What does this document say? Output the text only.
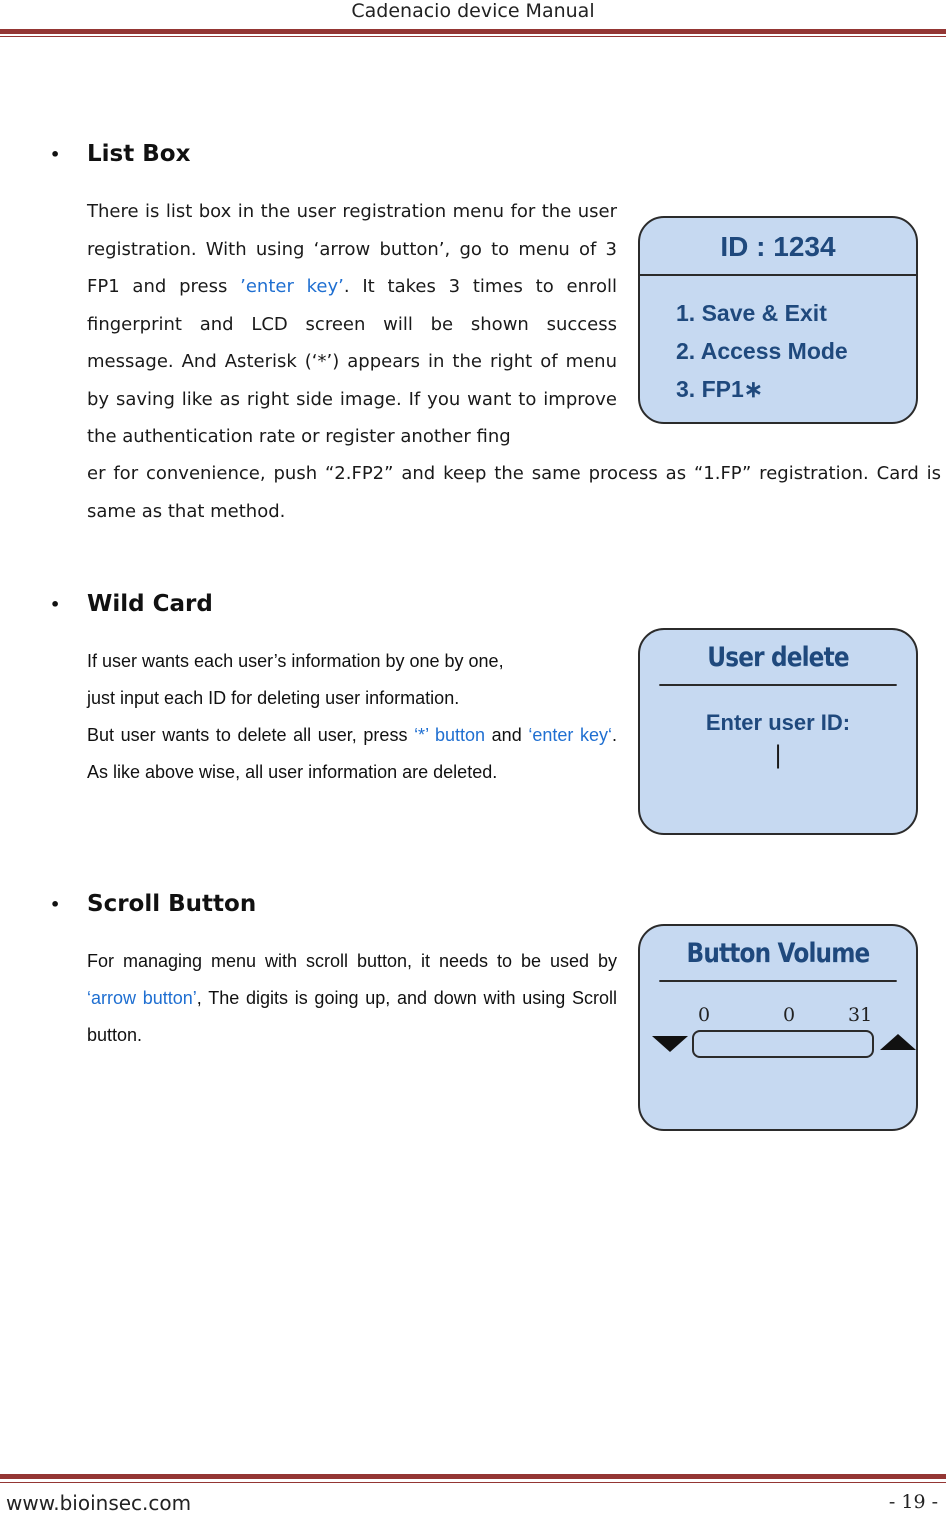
Cadenacio device Manual
• List Box
There is list box in the user registration menu for the user registration. With using ‘arrow button’, go to menu of 3 FP1 and press ’enter key’. It takes 3 times to enroll fingerprint and LCD screen will be shown success message. And Asterisk (‘*’) appears in the right of menu by saving like as right side image. If you want to improve the authentication rate or register another fing
er for convenience, push “2.FP2” and keep the same process as “1.FP” registration. Card is same as that method.
ID : 1234
1. Save & Exit
2. Access Mode
3. FP1∗
• Wild Card
If user wants each user’s information by one by one,
just input each ID for deleting user information.
But user wants to delete all user, press ‘*’ button and ‘enter key‘. As like above wise, all user information are deleted.
User delete
Enter user ID:
|
• Scroll Button
For managing menu with scroll button, it needs to be used by ‘arrow button’, The digits is going up, and down with using Scroll button.
Button Volume
0	0	31
www.bioinsec.com	- 19 -
